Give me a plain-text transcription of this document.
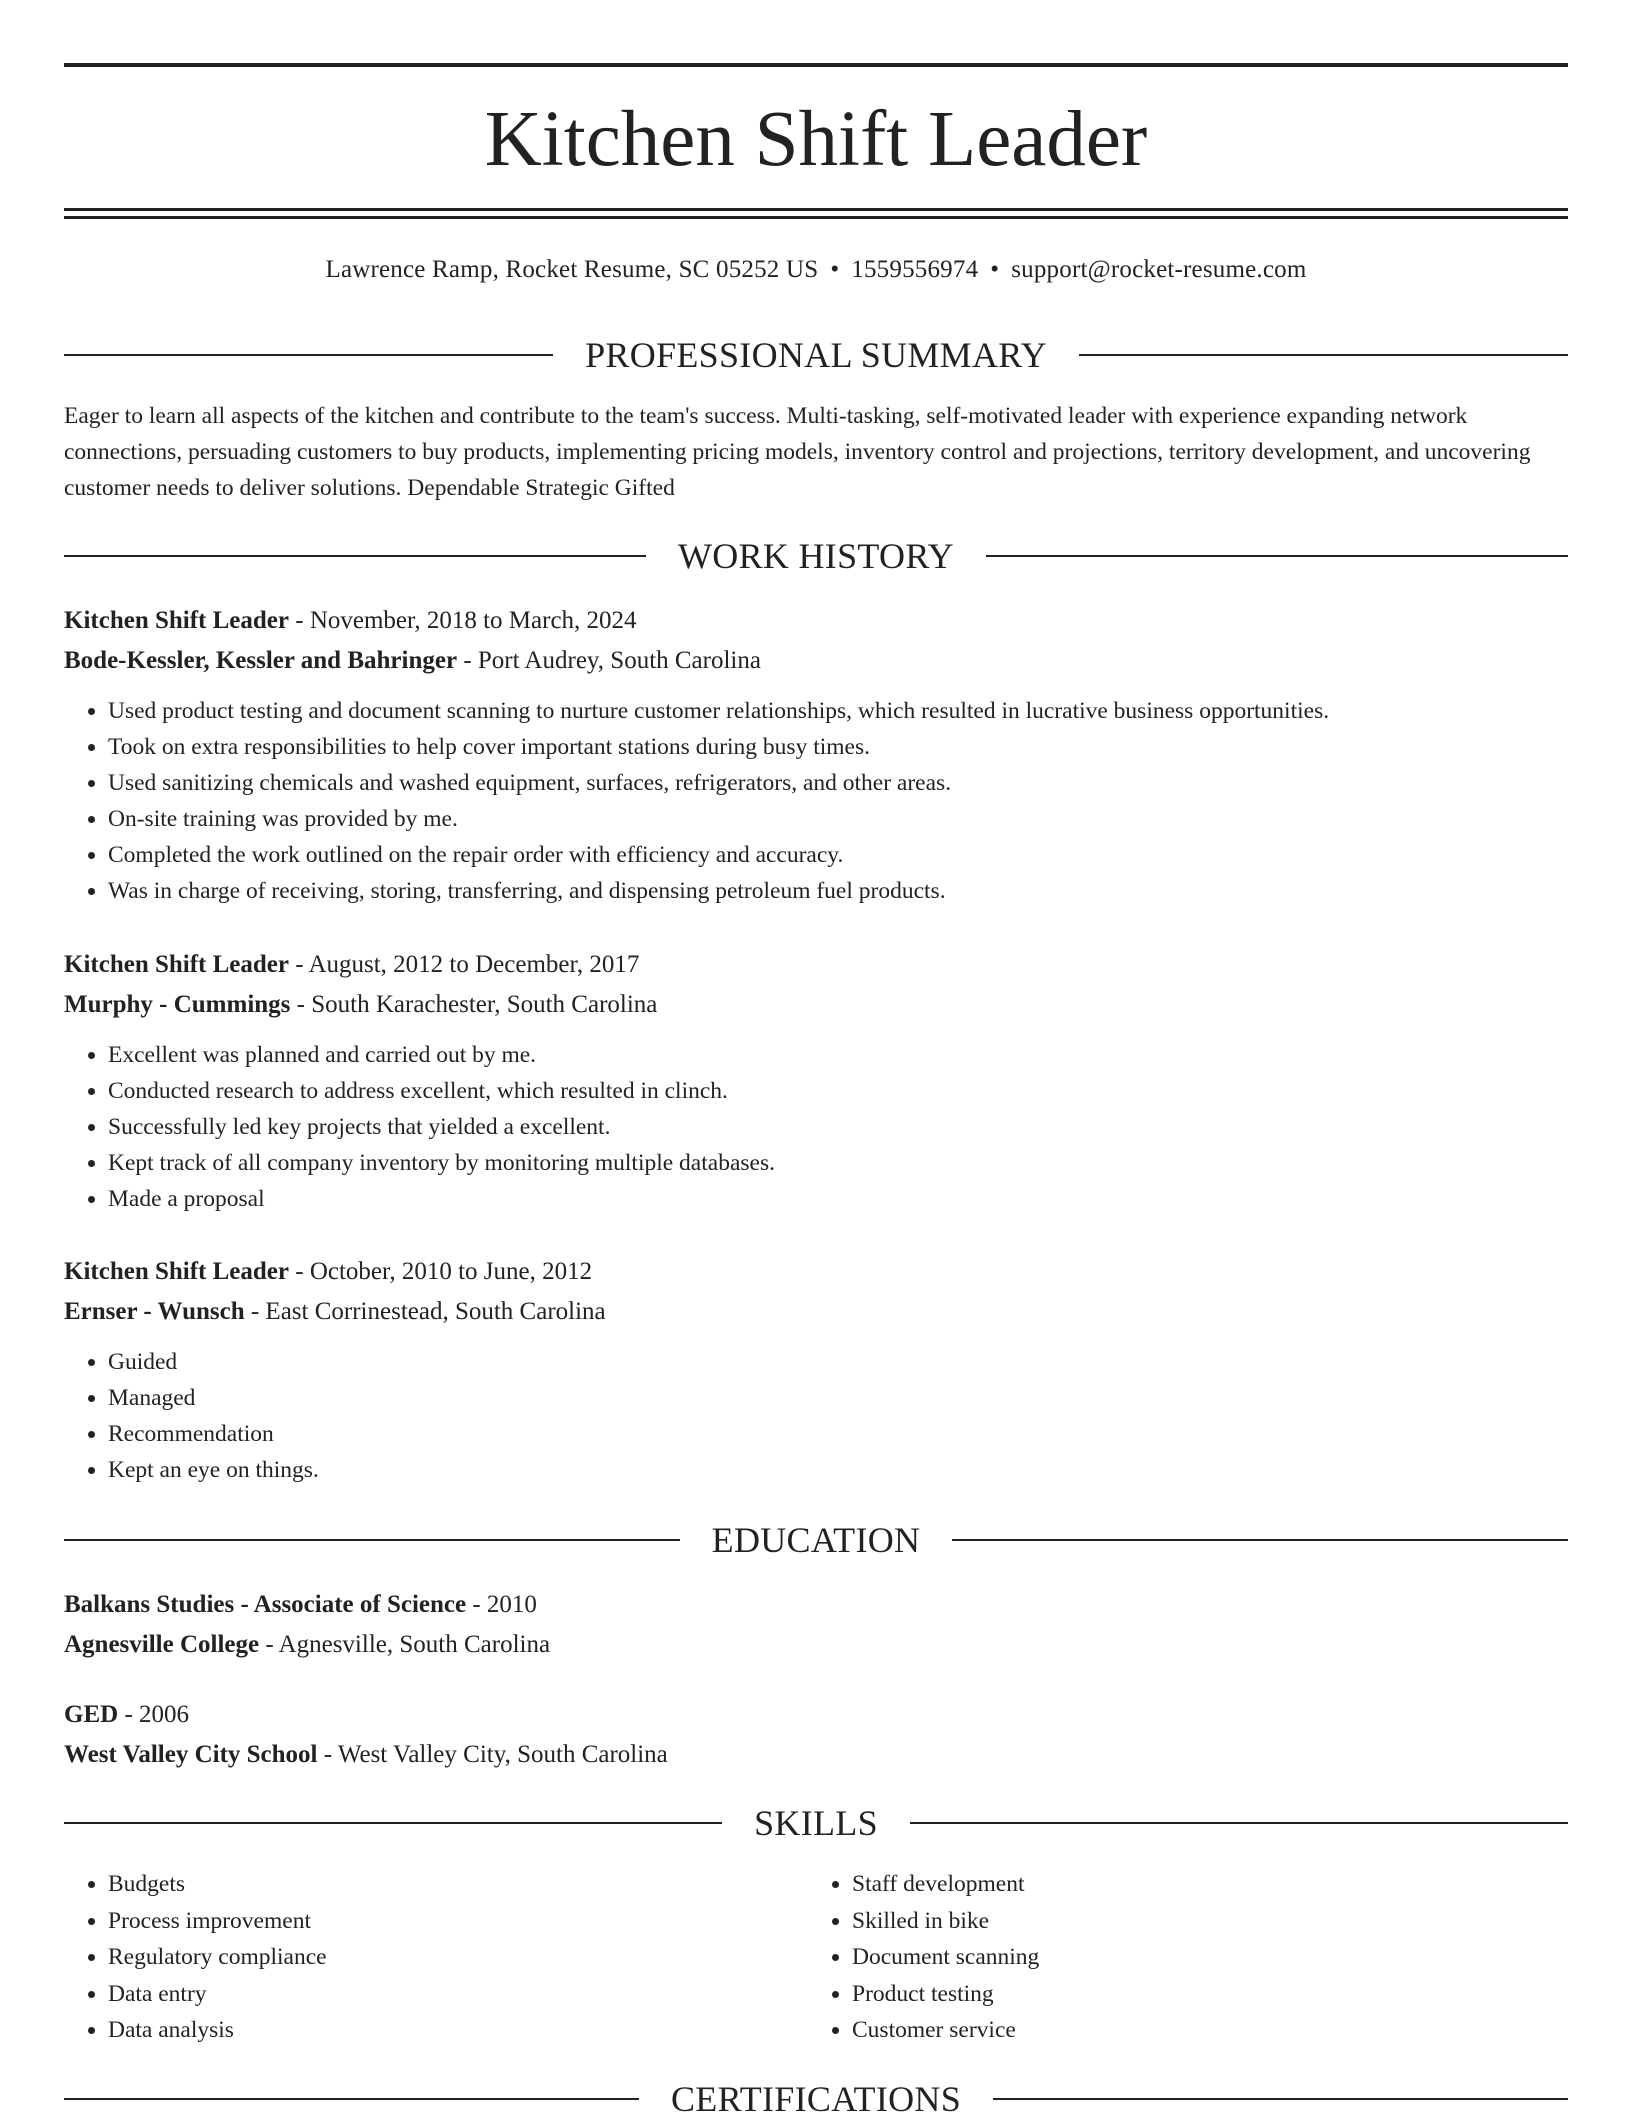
Kitchen Shift Leader
Lawrence Ramp, Rocket Resume, SC 05252 US • 1559556974 • support@rocket-resume.com
PROFESSIONAL SUMMARY

Eager to learn all aspects of the kitchen and contribute to the team's success. Multi-tasking, self-motivated leader with experience expanding network connections, persuading customers to buy products, implementing pricing models, inventory control and projections, territory development, and uncovering customer needs to deliver solutions. Dependable Strategic Gifted

WORK HISTORY
Kitchen Shift Leader - November, 2018 to March, 2024
Bode-Kessler, Kessler and Bahringer - Port Audrey, South Carolina
• Used product testing and document scanning to nurture customer relationships, which resulted in lucrative business opportunities.
• Took on extra responsibilities to help cover important stations during busy times.
• Used sanitizing chemicals and washed equipment, surfaces, refrigerators, and other areas.
• On-site training was provided by me.
• Completed the work outlined on the repair order with efficiency and accuracy.
• Was in charge of receiving, storing, transferring, and dispensing petroleum fuel products.
Kitchen Shift Leader - August, 2012 to December, 2017
Murphy - Cummings - South Karachester, South Carolina
• Excellent was planned and carried out by me.
• Conducted research to address excellent, which resulted in clinch.
• Successfully led key projects that yielded a excellent.
• Kept track of all company inventory by monitoring multiple databases.
• Made a proposal
Kitchen Shift Leader - October, 2010 to June, 2012
Ernser - Wunsch - East Corrinestead, South Carolina
• Guided
• Managed
• Recommendation
• Kept an eye on things.
EDUCATION
Balkans Studies - Associate of Science - 2010
Agnesville College - Agnesville, South Carolina
GED - 2006
West Valley City School - West Valley City, South Carolina
SKILLS
• Budgets
• Process improvement
• Regulatory compliance
• Data entry
• Data analysis
• Staff development
• Skilled in bike
• Document scanning
• Product testing
• Customer service
CERTIFICATIONS
